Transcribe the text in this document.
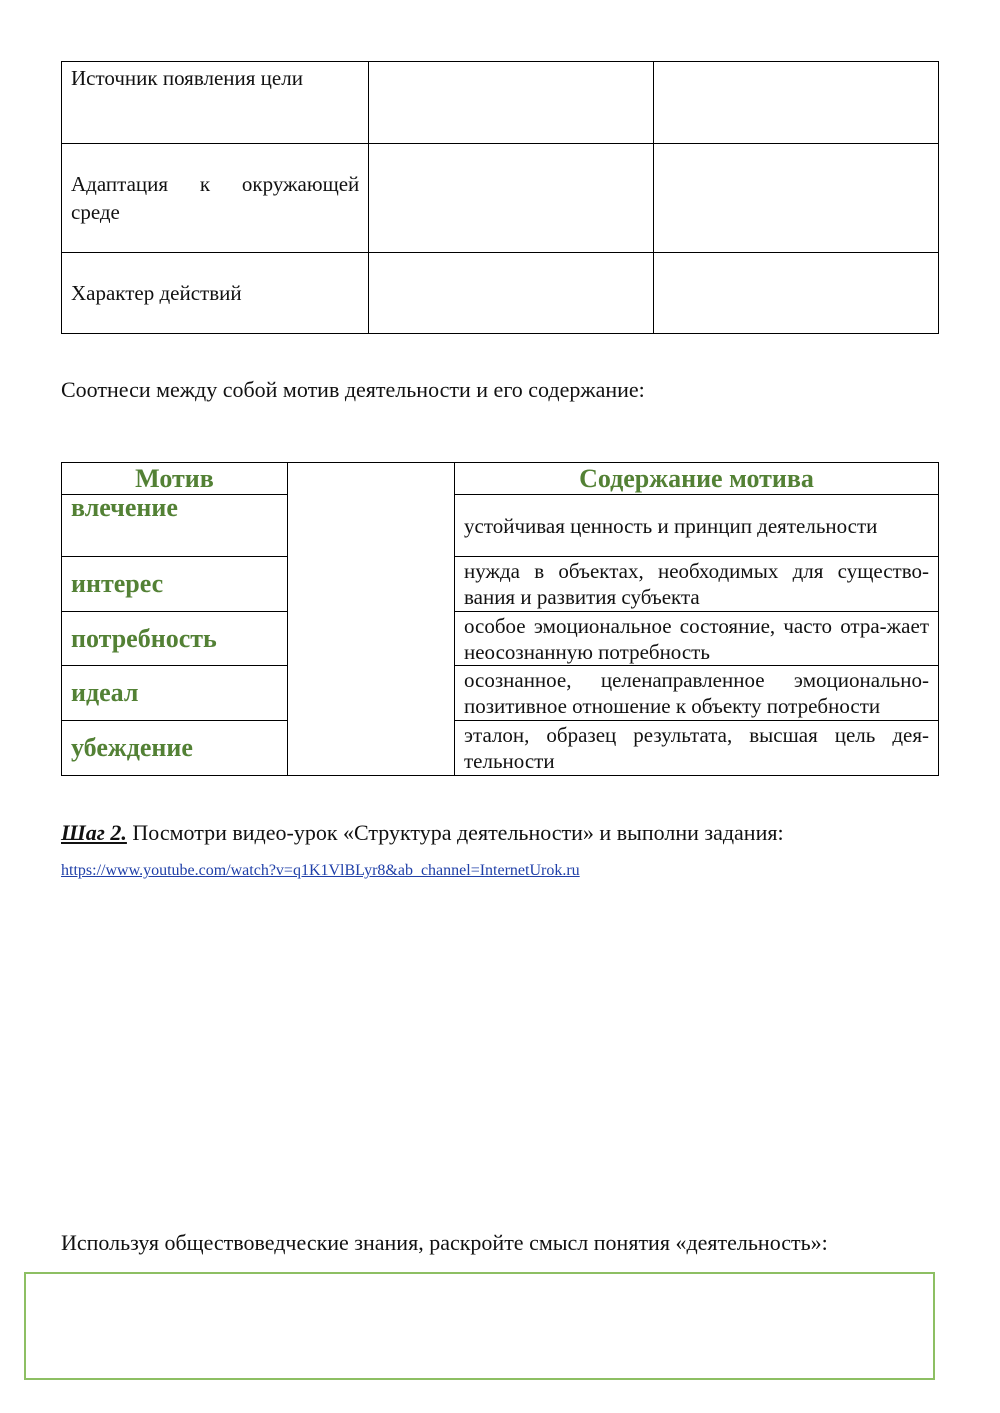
Источник появления цели		
Адаптация к окружающей среде		
Характер действий		
Соотнеси между собой мотив деятельности и его содержание:
Мотив		Содержание мотива
влечение		устойчивая ценность и принцип деятельности
интерес		нужда в объектах, необходимых для существо-вания и развития субъекта
потребность		особое эмоциональное состояние, часто отра-жает неосознанную потребность
идеал		осознанное, целенаправленное эмоционально-позитивное отношение к объекту потребности
убеждение		эталон, образец результата, высшая цель дея-тельности
Шаг 2. Посмотри видео-урок «Структура деятельности» и выполни задания:
https://www.youtube.com/watch?v=q1K1VlBLyr8&ab_channel=InternetUrok.ru
Используя обществоведческие знания, раскройте смысл понятия «деятельность»:
